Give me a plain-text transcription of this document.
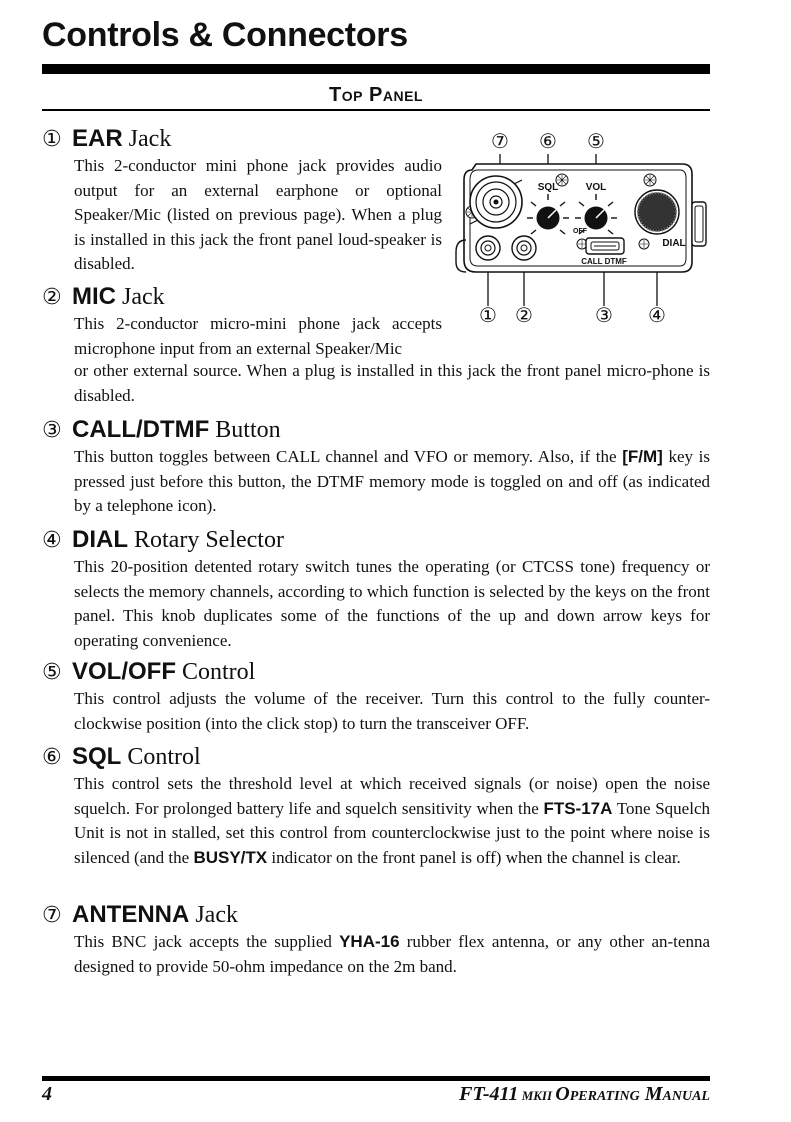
Controls & Connectors
Top Panel
① EAR Jack

This 2-conductor mini phone jack provides audio output for an external earphone or optional Speaker/Mic (listed on previous page). When a plug is installed in this jack the front panel loud-speaker is disabled.

② MIC Jack

This 2-conductor micro-mini phone jack accepts microphone input from an external Speaker/Mic

or other external source. When a plug is installed in this jack the front panel micro-phone is disabled.

③ CALL/DTMF Button

This button toggles between CALL channel and VFO or memory. Also, if the [F/M] key is pressed just before this button, the DTMF memory mode is toggled on and off (as indicated by a telephone icon).

④ DIAL Rotary Selector

This 20-position detented rotary switch tunes the operating (or CTCSS tone) frequency or selects the memory channels, according to which function is selected by the keys on the front panel. This knob duplicates some of the functions of the up and down arrow keys for operating convenience.

⑤ VOL/OFF Control

This control adjusts the volume of the receiver. Turn this control to the fully counter-clockwise position (into the click stop) to turn the transceiver OFF.

⑥ SQL Control

This control sets the threshold level at which received signals (or noise) open the noise squelch. For prolonged battery life and squelch sensitivity when the FTS-17A Tone Squelch Unit is not in stalled, set this control from counterclockwise just to the point where noise is silenced (and the BUSY/TX indicator on the front panel is off) when the channel is clear.

⑦ ANTENNA Jack

This BNC jack accepts the supplied YHA-16 rubber flex antenna, or any other an-tenna designed to provide 50-ohm impedance on the 2m band.

⑦ ⑥ ⑤
① ②	③ ④
SQL	VOL
OFF
CALL DTMF
DIAL
4	FT-411 MKII Operating Manual
